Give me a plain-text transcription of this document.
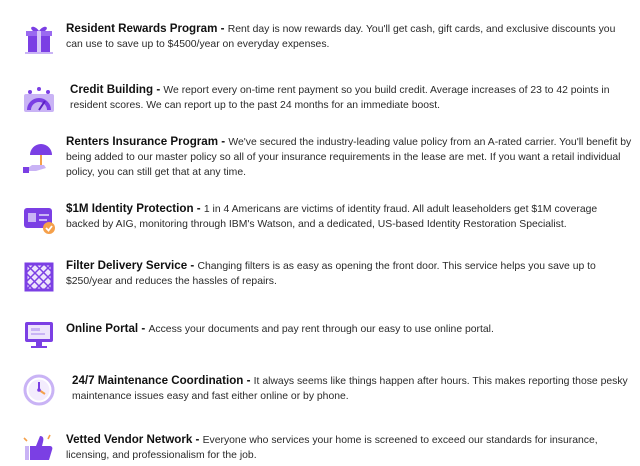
Resident Rewards Program - Rent day is now rewards day. You'll get cash, gift cards, and exclusive discounts you can use to save up to $4500/year on everyday expenses.
Credit Building - We report every on-time rent payment so you build credit. Average increases of 23 to 42 points in resident scores. We can report up to the past 24 months for an immediate boost.
Renters Insurance Program - We've secured the industry-leading value policy from an A-rated carrier. You'll benefit by being added to our master policy so all of your insurance requirements in the lease are met. If you want a retail individual policy, you can still get that at any time.
$1M Identity Protection - 1 in 4 Americans are victims of identity fraud. All adult leaseholders get $1M coverage backed by AIG, monitoring through IBM's Watson, and a dedicated, US-based Identity Restoration Specialist.
Filter Delivery Service - Changing filters is as easy as opening the front door. This service helps you save up to $250/year and reduces the hassles of repairs.
Online Portal - Access your documents and pay rent through our easy to use online portal.
24/7 Maintenance Coordination - It always seems like things happen after hours. This makes reporting those pesky maintenance issues easy and fast either online or by phone.
Vetted Vendor Network - Everyone who services your home is screened to exceed our standards for insurance, licensing, and professionalism for the job.
